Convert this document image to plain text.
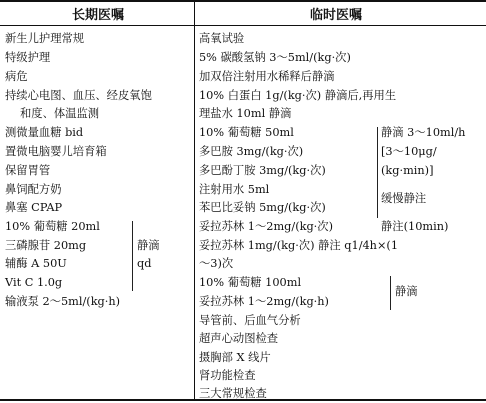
长期医嘱	临时医嘱
新生儿护理常规
特级护理
病危
持续心电图、血压、经皮氧饱
和度、体温监测
测微量血糖 bid
置微电脑婴儿培育箱
保留胃管
鼻饲配方奶
鼻塞 CPAP
10% 葡萄糖 20ml
三磷腺苷 20mg
辅酶 A 50U
Vit C 1.0g
输液泵 2～5ml/(kg·h)
静滴
qd
高氧试验
5% 碳酸氢钠 3～5ml/(kg·次)
加双倍注射用水稀释后静滴
10% 白蛋白 1g/(kg·次) 静滴后,再用生
理盐水 10ml 静滴
10% 葡萄糖 50ml
多巴胺 3mg/(kg·次)
多巴酚丁胺 3mg/(kg·次)
注射用水 5ml
苯巴比妥钠 5mg/(kg·次)
妥拉苏林 1～2mg/(kg·次)
妥拉苏林 1mg/(kg·次) 静注 q1/4h×(1
～3)次
10% 葡萄糖 100ml
妥拉苏林 1～2mg/(kg·h)
导管前、后血气分析
超声心动图检查
摄胸部 X 线片
肾功能检查
三大常规检查
静滴 3～10ml/h
[3～10μg/
(kg·min)]
缓慢静注
静注(10min)
静滴
